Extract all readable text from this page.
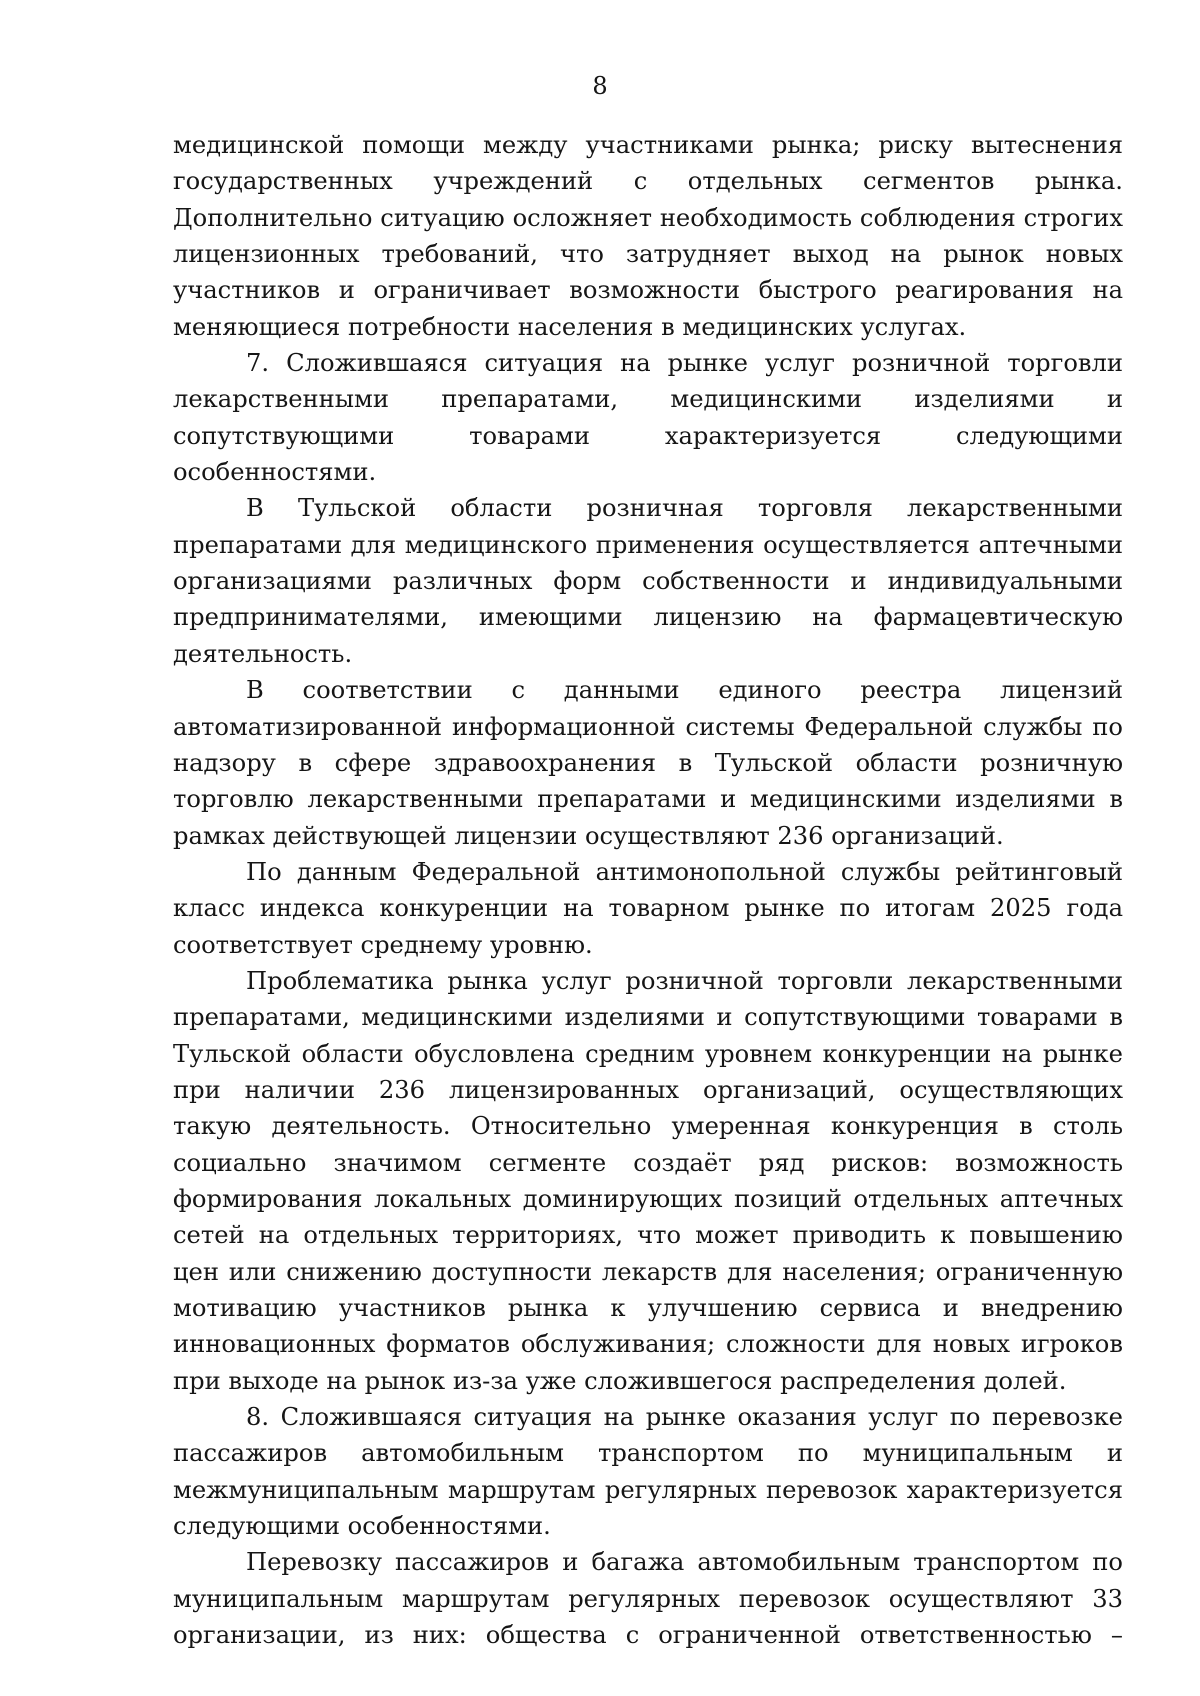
8

медицинской помощи между участниками рынка; риску вытеснения государственных учреждений с отдельных сегментов рынка. Дополнительно ситуацию осложняет необходимость соблюдения строгих лицензионных требований, что затрудняет выход на рынок новых участников и ограничивает возможности быстрого реагирования на меняющиеся потребности населения в медицинских услугах.

7. Сложившаяся ситуация на рынке услуг розничной торговли лекарственными препаратами, медицинскими изделиями и сопутствующими товарами характеризуется следующими особенностями.

В Тульской области розничная торговля лекарственными препаратами для медицинского применения осуществляется аптечными организациями различных форм собственности и индивидуальными предпринимателями, имеющими лицензию на фармацевтическую деятельность.

В соответствии с данными единого реестра лицензий автоматизированной информационной системы Федеральной службы по надзору в сфере здравоохранения в Тульской области розничную торговлю лекарственными препаратами и медицинскими изделиями в рамках действующей лицензии осуществляют 236 организаций.

По данным Федеральной антимонопольной службы рейтинговый класс индекса конкуренции на товарном рынке по итогам 2025 года соответствует среднему уровню.

Проблематика рынка услуг розничной торговли лекарственными препаратами, медицинскими изделиями и сопутствующими товарами в Тульской области обусловлена средним уровнем конкуренции на рынке при наличии 236 лицензированных организаций, осуществляющих такую деятельность. Относительно умеренная конкуренция в столь социально значимом сегменте создаёт ряд рисков: возможность формирования локальных доминирующих позиций отдельных аптечных сетей на отдельных территориях, что может приводить к повышению цен или снижению доступности лекарств для населения; ограниченную мотивацию участников рынка к улучшению сервиса и внедрению инновационных форматов обслуживания; сложности для новых игроков при выходе на рынок из-за уже сложившегося распределения долей.

8. Сложившаяся ситуация на рынке оказания услуг по перевозке пассажиров автомобильным транспортом по муниципальным и межмуниципальным маршрутам регулярных перевозок характеризуется следующими особенностями.

Перевозку пассажиров и багажа автомобильным транспортом по муниципальным маршрутам регулярных перевозок осуществляют 33 организации, из них: общества с ограниченной ответственностью –
